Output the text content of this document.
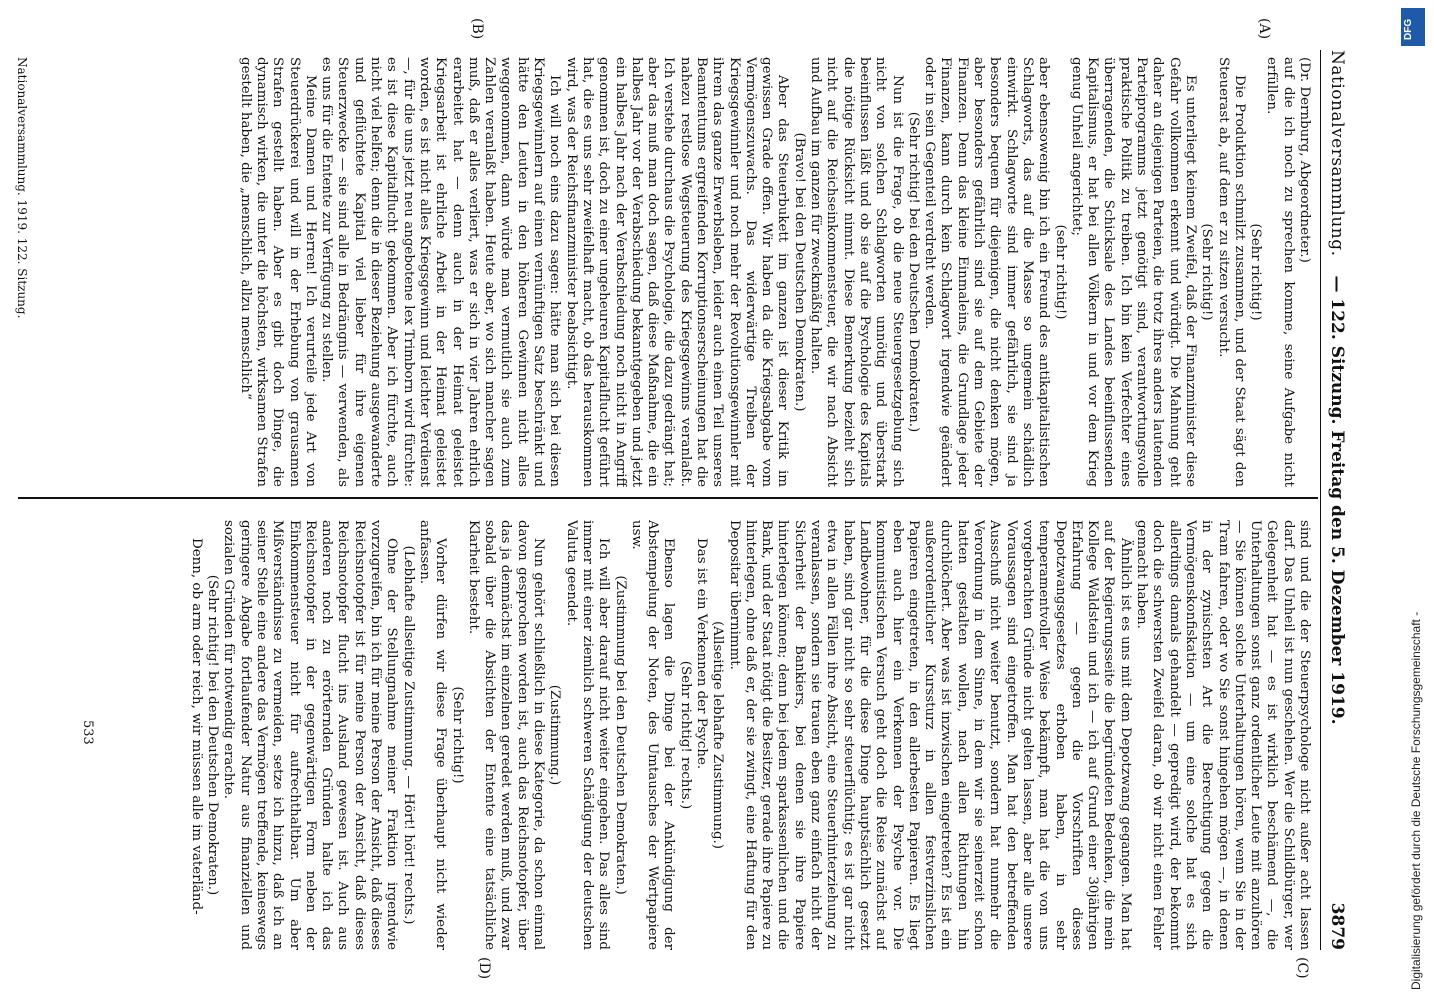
Nationalversammlung.
— 122. Sitzung. Freitag den 5. Dezember 1919.
3879
(A)
(B)
(C)
(D)

(Dr. Dernburg, Abgeordneter.)

auf die ich noch zu sprechen komme, seine Aufgabe nicht erfüllen.

(Sehr richtig!)

Die Produktion schmilzt zusammen, und der Staat sägt den Steuerast ab, auf dem er zu sitzen versucht.

(Sehr richtig!)

Es unterliegt keinem Zweifel, daß der Finanzminister diese Gefahr vollkommen erkennt und würdigt. Die Mahnung geht daher an diejenigen Parteien, die trotz ihres anders lautenden Parteiprogramms jetzt genötigt sind, verantwortungsvolle praktische Politik zu treiben. Ich bin kein Verfechter eines überragenden, die Schicksale des Landes beeinflussenden Kapitalismus, er hat bei allen Völkern in und vor dem Krieg genug Unheil angerichtet;

(sehr richtig!)

aber ebensowenig bin ich ein Freund des antikapitalistischen Schlagworts, das auf die Masse so ungemein schädlich einwirkt. Schlagworte sind immer gefährlich, sie sind ja besonders bequem für diejenigen, die nicht denken mögen, aber besonders gefährlich sind sie auf dem Gebiete der Finanzen. Denn das kleine Einmaleins, die Grundlage jeder Finanzen, kann durch kein Schlagwort irgendwie geändert oder in sein Gegenteil verdreht werden.

(Sehr richtig! bei den Deutschen Demokraten.)

Nun ist die Frage, ob die neue Steuergesetzgebung sich nicht von solchen Schlagworten unnötig und überstark beeinflussen läßt und ob sie auf die Psychologie des Kapitals die nötige Rücksicht nimmt. Diese Bemerkung bezieht sich nicht auf die Reichseinkommensteuer, die wir nach Absicht und Aufbau im ganzen für zweckmäßig halten.

(Bravo! bei den Deutschen Demokraten.)

Aber das Steuerbukett im ganzen ist dieser Kritik im gewissen Grade offen. Wir haben da die Kriegsabgabe vom Vermögenszuwachs. Das widerwärtige Treiben der Kriegsgewinnler und noch mehr der Revolutionsgewinnler mit ihrem das ganze Erwerbsleben, leider auch einen Teil unseres Beamtentums ergreifenden Korruptionserscheinungen hat die nahezu restlose Wegsteuerung des Kriegsgewinns veranlaßt. Ich verstehe durchaus die Psychologie, die dazu gedrängt hat; aber das muß man doch sagen, daß diese Maßnahme, die ein halbes Jahr vor der Verabschiedung bekanntgegeben und jetzt ein halbes Jahr nach der Verabschiedung noch nicht in Angriff genommen ist, doch zu einer ungeheuren Kapitalflucht geführt hat, die es uns sehr zweifelhaft macht, ob das herauskommen wird, was der Reichsfinanzminister beabsichtigt.

Ich will noch eins dazu sagen: hätte man sich bei diesen Kriegsgewinnlern auf einen vernünftigen Satz beschränkt und hätte den Leuten in den höheren Gewinnen nicht alles weggenommen, dann würde man vermutlich sie auch zum Zahlen veranlaßt haben. Heute aber, wo sich mancher sagen muß, daß er alles verliert, was er sich in vier Jahren ehrlich erarbeitet hat — denn auch in der Heimat geleistet Kriegsarbeit ist ehrliche Arbeit in der Heimat geleistet worden, es ist nicht alles Kriegsgewinn und leichter Verdienst —, für die uns jetzt neu angebotene lex Trimborn wird fürchte: es ist diese Kapitalflucht gekommen. Aber ich fürchte, auch nicht viel helfen; denn die in dieser Beziehung ausgewanderte und geflüchtete Kapital viel lieber für ihre eigenen Steuerzwecke — sie sind alle in Bedrängnis — verwenden, als es uns für die Entente zur Verfügung zu stellen.

Meine Damen und Herren! Ich verurteile jede Art von Steuerdrückerei und will in der Erhebung von grausamen Strafen gestellt haben. Aber es gibt doch Dinge, die dynamisch wirken, die unter die höchsten, wirksamen Strafen gestellt haben, die „menschlich, allzu menschlich“

sind und die der Steuerpsychologe nicht außer acht lassen darf. Das Unheil ist nun geschehen. Wer die Schildbürger, wer Gelegenheit hat — es ist wirklich beschämend —, die Unterhaltungen sonst ganz ordentlicher Leute mit anzuhören — Sie können solche Unterhaltungen hören, wenn Sie in der Tram fahren, oder wo Sie sonst hingehen mögen —, in denen in der zynischsten Art die Berechtigung gegen die Vermögenskonfiskation — um eine solche hat es sich allerdings damals gehandelt — gepredigt wird, der bekommt doch die schwersten Zweifel daran, ob wir nicht einen Fehler gemacht haben.

Ähnlich ist es uns mit dem Depotzwang gegangen. Man hat auf der Regierungsseite die begründeten Bedenken, die mein Kollege Waldstein und ich — ich auf Grund einer 30jährigen Erfahrung — gegen die Vorschriften dieses Depotzwangsgesetzes erhoben haben, in sehr temperamentvoller Weise bekämpft, man hat die von uns vorgebrachten Gründe nicht gelten lassen, aber alle unsere Voraussagen sind eingetroffen. Man hat den betreffenden Ausschuß nicht weiter benutzt, sondern hat nunmehr die Verordnung in dem Sinne, in dem wir sie seinerzeit schon hatten gestalten wollen, nach allen Richtungen hin durchlöchert. Aber was ist inzwischen eingetreten? Es ist ein außerordentlicher Kurssturz in allen festverzinslichen Papieren eingetreten, in den allerbesten Papieren. Es liegt eben auch hier ein Verkennen der Psyche vor. Die kommunistischen Versuch geht doch die Reise zunächst auf Landbewohner, für die diese Dinge hauptsächlich gesetzt haben, sind gar nicht so sehr steuerflüchtig; es ist gar nicht etwa in allen Fällen ihre Absicht, eine Steuerhinterziehung zu veranlassen, sondern sie trauen eben ganz einfach nicht der Sicherheit der Bankiers, bei denen sie ihre Papiere hinterlegen können; denn bei jedem sparkassenlichen und die Bank, und der Staat nötigt die Besitzer, gerade ihre Papiere zu hinterlegen, ohne daß er, der sie zwingt, eine Haftung für den Depositar übernimmt.

(Allseitige lebhafte Zustimmung.)

Das ist ein Verkennen der Psyche.

(Sehr richtig! rechts.)

Ebenso lagen die Dinge bei der Ankündigung der Abstempelung der Noten, des Umtausches der Wertpapiere usw.

(Zustimmung bei den Deutschen Demokraten.)

Ich will aber darauf nicht weiter eingehen. Das alles sind immer mit einer ziemlich schweren Schädigung der deutschen Valuta geendet.

(Zustimmung.)

Nun gehört schließlich in diese Kategorie, da schon einmal davon gesprochen worden ist, auch das Reichsnotopfer, über das ja demnächst im einzelnen geredet werden muß, und zwar sobald über die Absichten der Entente eine tatsächliche Klarheit besteht.

(Sehr richtig!)

Vorher dürfen wir diese Frage überhaupt nicht wieder anfassen.

(Lebhafte allseitige Zustimmung. — Hört! hört! rechts.)

Ohne der Stellungnahme meiner Fraktion irgendwie vorzugreifen, bin ich für meine Person der Ansicht, daß dieses Reichsnotopfer ist für meine Person der Ansicht, daß dieses Reichsnotopfer flucht ins Ausland gewesen ist. Auch aus anderen noch zu erörternden Gründen halte ich das Reichsnotopfer in der gegenwärtigen Form neben der Einkommensteuer nicht für aufrechthaltbar. Um aber Mißverständnisse zu vermeiden, setze ich hinzu, daß ich an seiner Stelle eine andere das Vermögen treffende, keineswegs geringere Abgabe fortlaufender Natur aus finanziellen und sozialen Gründen für notwendig erachte.

(Sehr richtig! bei den Deutschen Demokraten.)

Denn, ob arm oder reich, wir müssen alle im vaterländ-

533
Nationalversammlung. 1919. 122. Sitzung.
DFG
Digitalisierung gefördert durch die Deutsche Forschungsgemeinschaft -
